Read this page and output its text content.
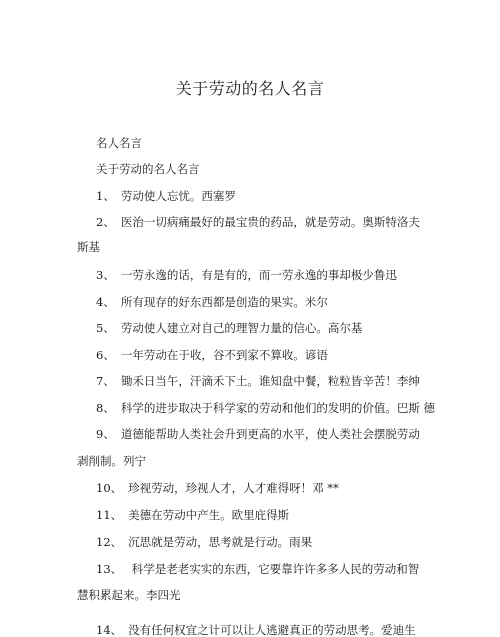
关于劳动的名人名言
名人名言
关于劳动的名人名言
1、 劳动使人忘忧。西塞罗
2、 医治一切病痛最好的最宝贵的药品，就是劳动。奥斯特洛夫
斯基
3、 一劳永逸的话，有是有的，而一劳永逸的事却极少鲁迅
4、 所有现存的好东西都是创造的果实。米尔
5、 劳动使人建立对自己的理智力量的信心。高尔基
6、 一年劳动在于收，谷不到家不算收。谚语
7、 锄禾日当午，汗滴禾下土。谁知盘中餐，粒粒皆辛苦！李绅
8、 科学的进步取决于科学家的劳动和他们的发明的价值。巴斯 德
9、 道德能帮助人类社会升到更高的水平，使人类社会摆脱劳动
剥削制。列宁
10、 珍视劳动，珍视人才，人才难得呀！邓 **
11、 美德在劳动中产生。欧里庇得斯
12、 沉思就是劳动，思考就是行动。雨果
13、 科学是老老实实的东西，它要靠许许多多人民的劳动和智
慧积累起来。李四光
14、 没有任何权宜之计可以让人逃避真正的劳动思考。爱迪生
